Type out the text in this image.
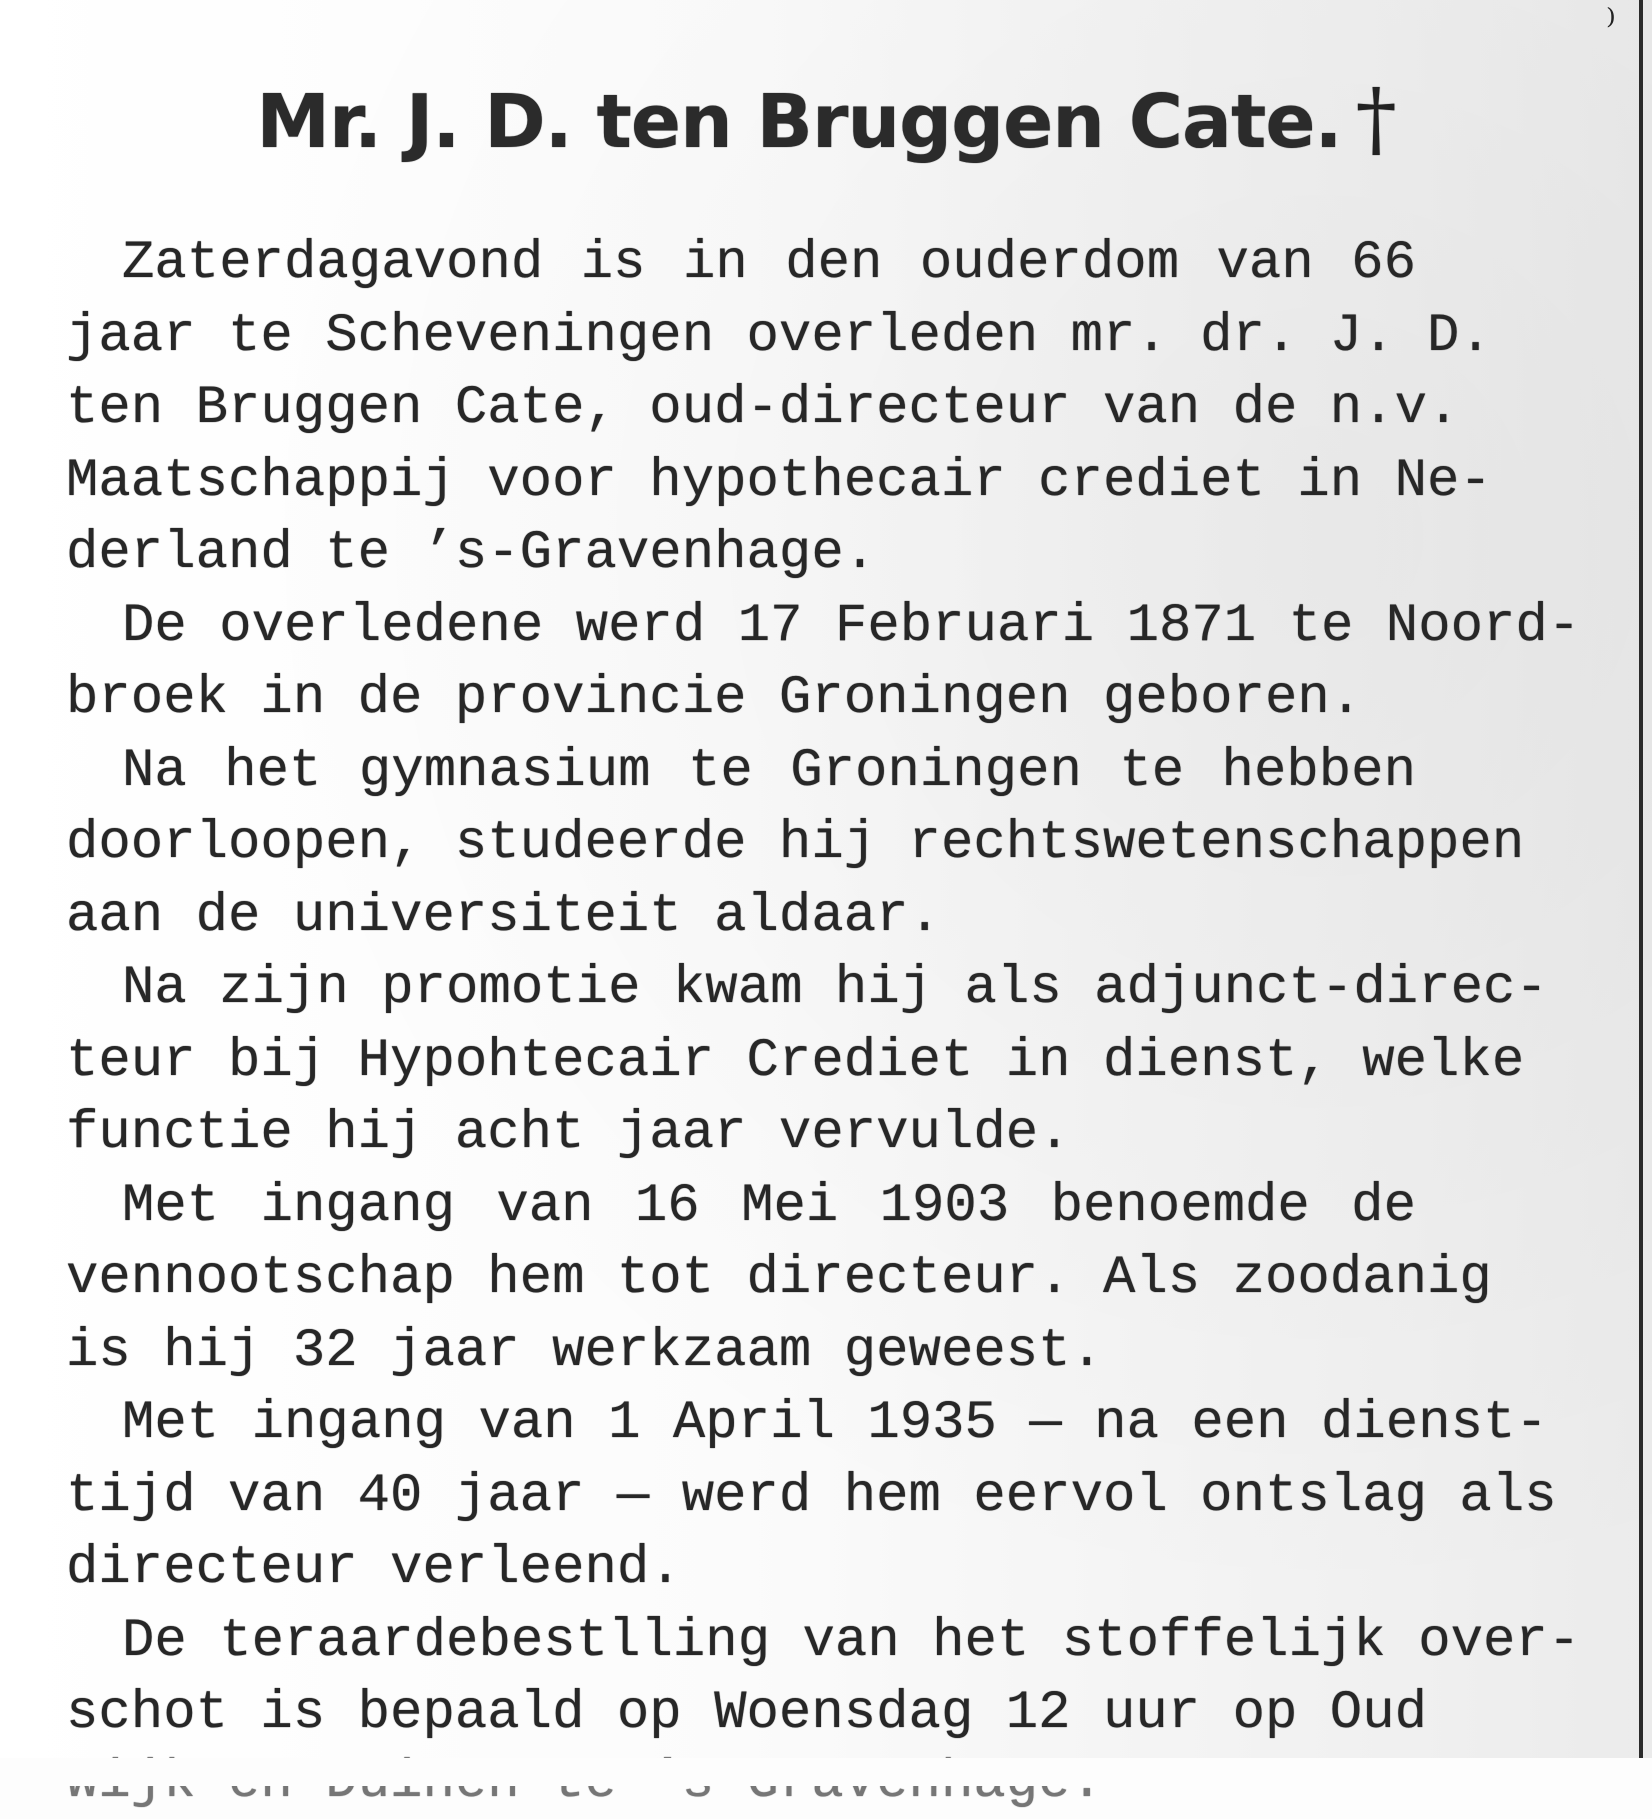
⁾
Mr. J. D. ten Bruggen Cate. †
Zaterdagavond is in den ouderdom van 66
jaar te Scheveningen overleden mr. dr. J. D.
ten Bruggen Cate, oud-directeur van de n.v.
Maatschappij voor hypothecair crediet in Ne-
derland te ’s-Gravenhage.
De overledene werd 17 Februari 1871 te Noord-
broek in de provincie Groningen geboren.
Na het gymnasium te Groningen te hebben
doorloopen, studeerde hij rechtswetenschappen
aan de universiteit aldaar.
Na zijn promotie kwam hij als adjunct-direc-
teur bij Hypohtecair Crediet in dienst, welke
functie hij acht jaar vervulde.
Met ingang van 16 Mei 1903 benoemde de
vennootschap hem tot directeur. Als zoodanig
is hij 32 jaar werkzaam geweest.
Met ingang van 1 April 1935 — na een dienst-
tijd van 40 jaar — werd hem eervol ontslag als
directeur verleend.
De teraardebestlling van het stoffelijk over-
schot is bepaald op Woensdag 12 uur op Oud
